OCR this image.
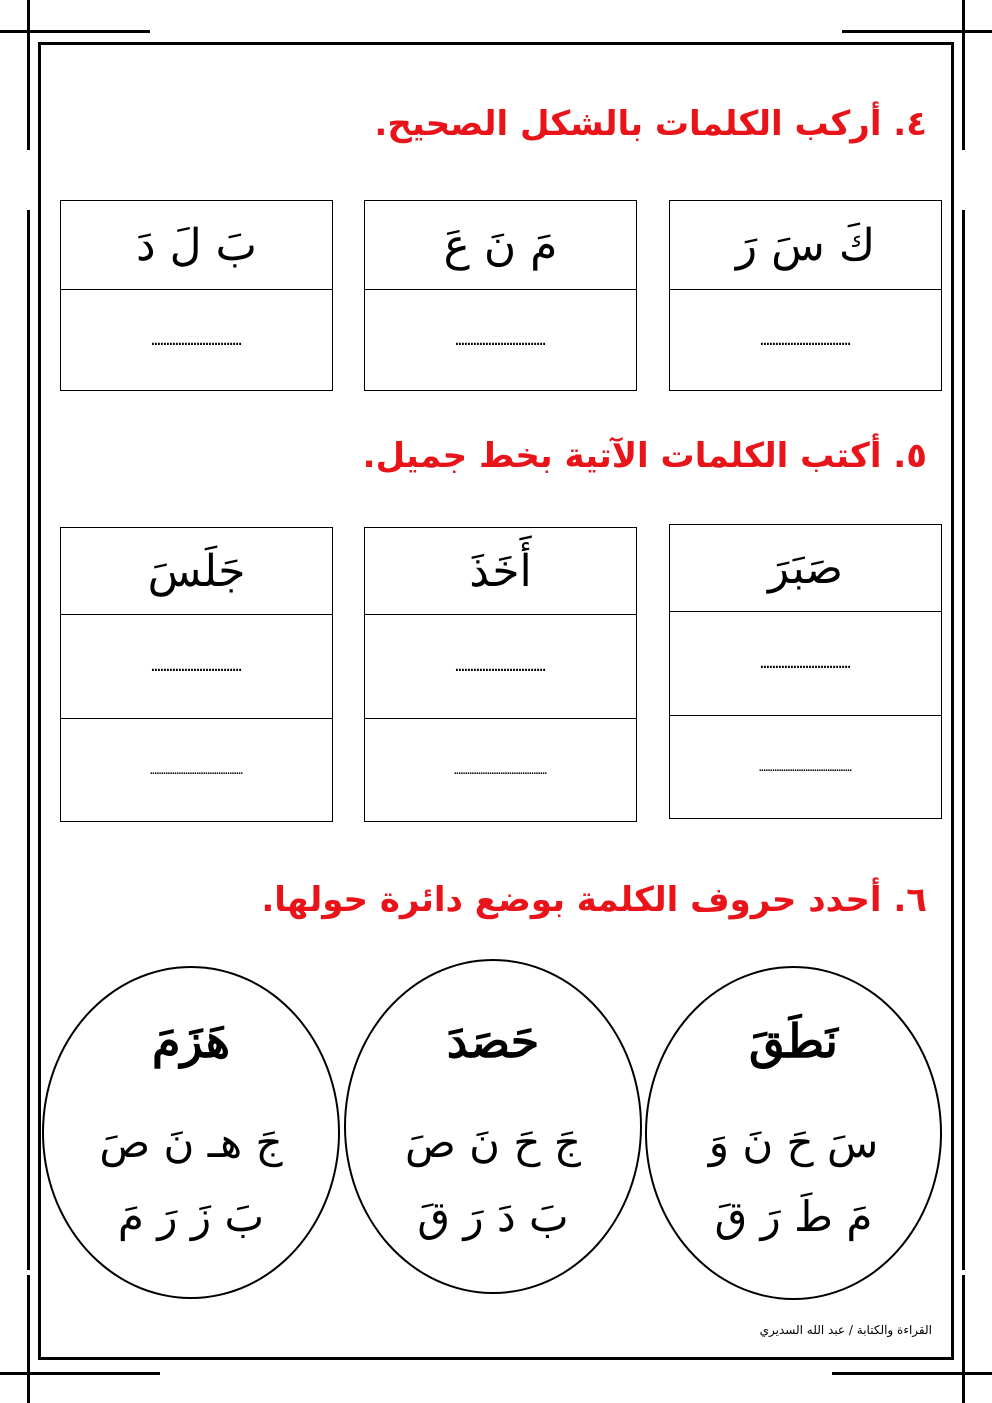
٤. أركب الكلمات بالشكل الصحيح.
كَ سَ رَ
…………………………
مَ نَ عَ
…………………………
بَ لَ دَ
…………………………
٥. أكتب الكلمات الآتية بخط جميل.
صَبَرَ
…………………………
……………………………………
أَخَذَ
…………………………
……………………………………
جَلَسَ
…………………………
……………………………………
٦. أحدد حروف الكلمة بوضع دائرة حولها.
نَطَقَ
سَ حَ نَ وَ
مَ طَ رَ قَ
حَصَدَ
جَ حَ نَ صَ
بَ دَ رَ قَ
هَزَمَ
جَ هـ نَ صَ
بَ زَ رَ مَ
القراءة والكتابة / عبد الله السديري
